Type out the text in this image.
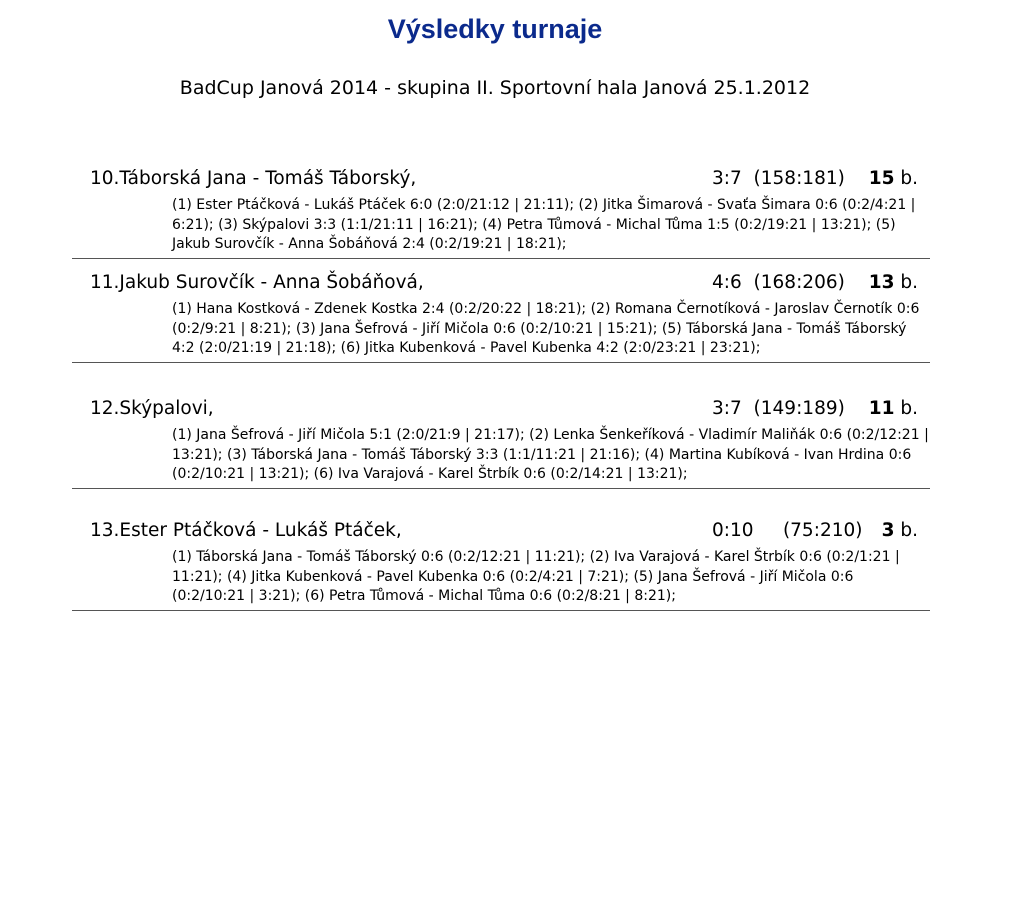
Výsledky turnaje
BadCup Janová 2014 - skupina II. Sportovní hala Janová 25.1.2012
10.Táborská Jana - Tomáš Táborský,	3:7  (158:181) 15 b.
(1) Ester Ptáčková - Lukáš Ptáček 6:0 (2:0/21:12 | 21:11); (2) Jitka Šimarová - Svaťa Šimara 0:6 (0:2/4:21 | 6:21); (3) Skýpalovi 3:3 (1:1/21:11 | 16:21); (4) Petra Tůmová - Michal Tůma 1:5 (0:2/19:21 | 13:21); (5) Jakub Surovčík - Anna Šobáňová 2:4 (0:2/19:21 | 18:21);
11.Jakub Surovčík - Anna Šobáňová,	4:6  (168:206) 13 b.
(1) Hana Kostková - Zdenek Kostka 2:4 (0:2/20:22 | 18:21); (2) Romana Černotíková - Jaroslav Černotík 0:6 (0:2/9:21 | 8:21); (3) Jana Šefrová - Jiří Mičola 0:6 (0:2/10:21 | 15:21); (5) Táborská Jana - Tomáš Táborský 4:2 (2:0/21:19 | 21:18); (6) Jitka Kubenková - Pavel Kubenka 4:2 (2:0/23:21 | 23:21);
12.Skýpalovi,	3:7  (149:189) 11 b.
(1) Jana Šefrová - Jiří Mičola 5:1 (2:0/21:9 | 21:17); (2) Lenka Šenkeříková - Vladimír Maliňák 0:6 (0:2/12:21 | 13:21); (3) Táborská Jana - Tomáš Táborský 3:3 (1:1/11:21 | 21:16); (4) Martina Kubíková - Ivan Hrdina 0:6 (0:2/10:21 | 13:21); (6) Iva Varajová - Karel Štrbík 0:6 (0:2/14:21 | 13:21);
13.Ester Ptáčková - Lukáš Ptáček,	0:10     (75:210) 3 b.
(1) Táborská Jana - Tomáš Táborský 0:6 (0:2/12:21 | 11:21); (2) Iva Varajová - Karel Štrbík 0:6 (0:2/1:21 | 11:21); (4) Jitka Kubenková - Pavel Kubenka 0:6 (0:2/4:21 | 7:21); (5) Jana Šefrová - Jiří Mičola 0:6 (0:2/10:21 | 3:21); (6) Petra Tůmová - Michal Tůma 0:6 (0:2/8:21 | 8:21);
